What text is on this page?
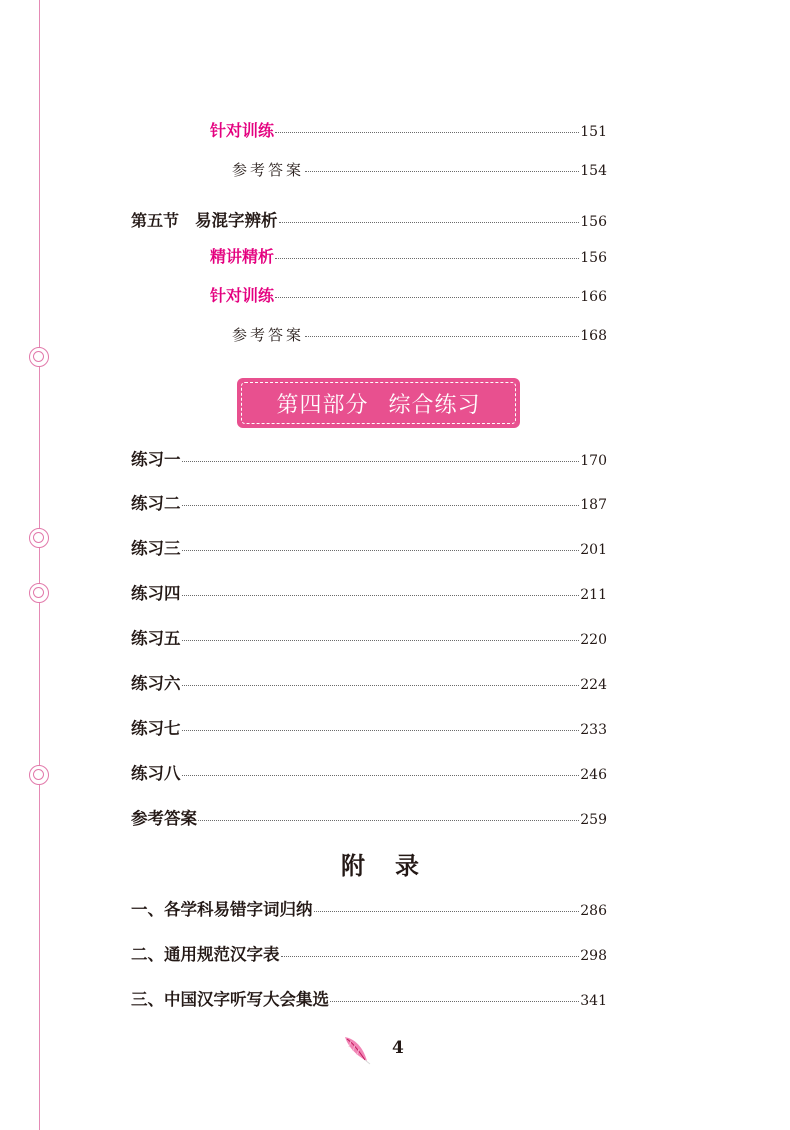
针对训练	151
参考答案	154
第五节 易混字辨析	156
精讲精析	156
针对训练	166
参考答案	168
第四部分 综合练习
练习一	170
练习二	187
练习三	201
练习四	211
练习五	220
练习六	224
练习七	233
练习八	246
参考答案	259
附录
一、各学科易错字词归纳	286
二、通用规范汉字表	298
三、中国汉字听写大会集选	341
4
